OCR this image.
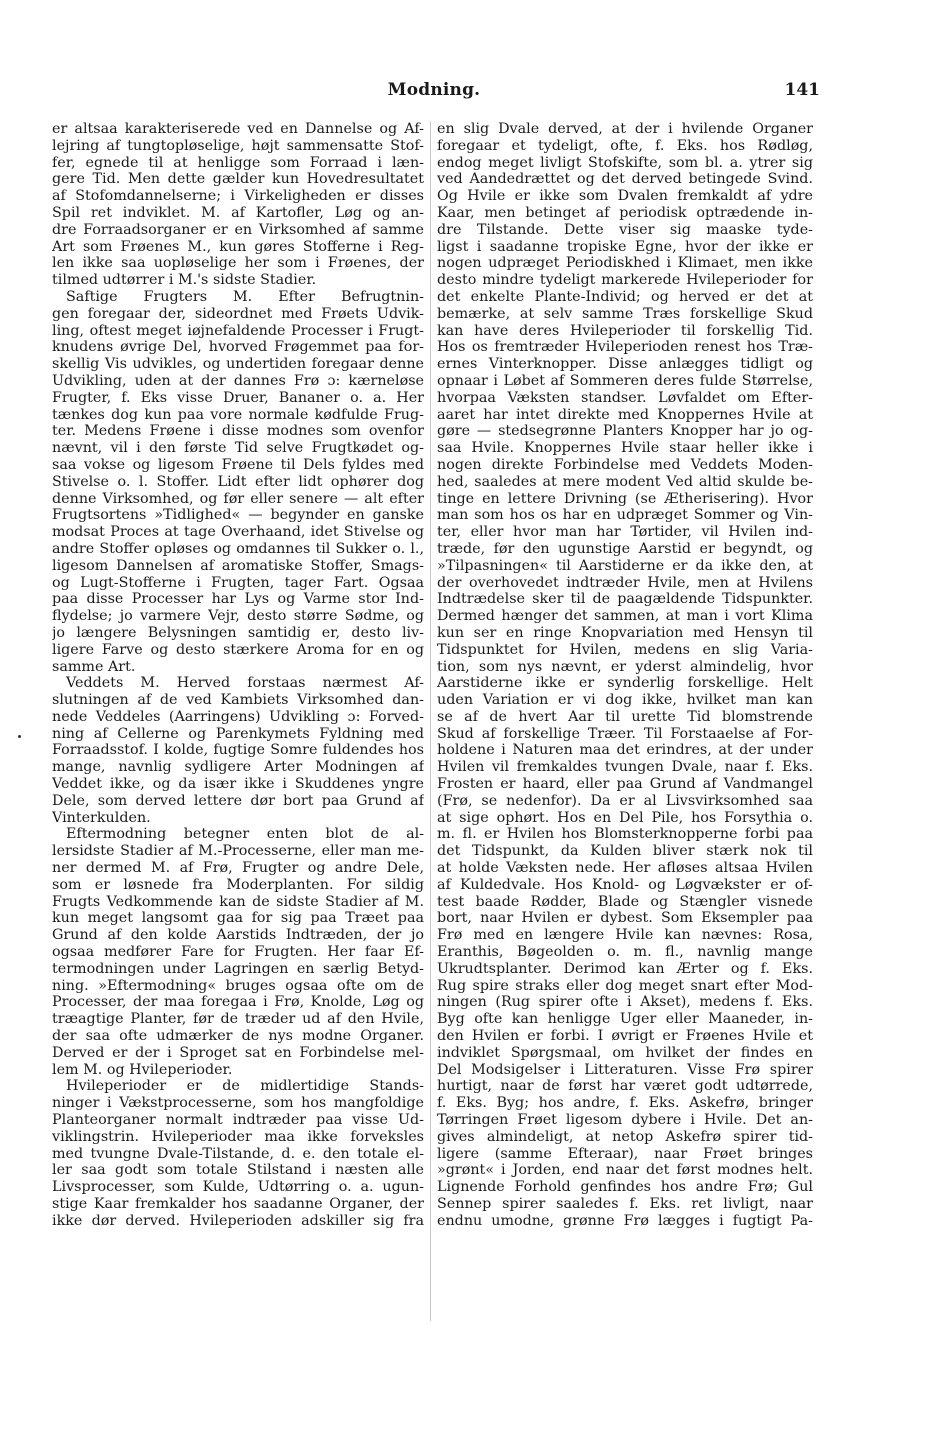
Modning.	141
er altsaa karakteriserede ved en Dannelse og Af-
lejring af tungtopløselige, højt sammensatte Stof-
fer, egnede til at henligge som Forraad i læn-
gere Tid. Men dette gælder kun Hovedresultatet
af Stofomdannelserne; i Virkeligheden er disses
Spil ret indviklet. M. af Kartofler, Løg og an-
dre Forraadsorganer er en Virksomhed af samme
Art som Frøenes M., kun gøres Stofferne i Reg-
len ikke saa uopløselige her som i Frøenes, der
tilmed udtørrer i M.'s sidste Stadier.
Saftige Frugters M. Efter Befrugtnin-
gen foregaar der, sideordnet med Frøets Udvik-
ling, oftest meget iøjnefaldende Processer i Frugt-
knudens øvrige Del, hvorved Frøgemmet paa for-
skellig Vis udvikles, og undertiden foregaar denne
Udvikling, uden at der dannes Frø ɔ: kærneløse
Frugter, f. Eks visse Druer, Bananer o. a. Her
tænkes dog kun paa vore normale kødfulde Frug-
ter. Medens Frøene i disse modnes som ovenfor
nævnt, vil i den første Tid selve Frugtkødet og-
saa vokse og ligesom Frøene til Dels fyldes med
Stivelse o. l. Stoffer. Lidt efter lidt ophører dog
denne Virksomhed, og før eller senere — alt efter
Frugtsortens »Tidlighed« — begynder en ganske
modsat Proces at tage Overhaand, idet Stivelse og
andre Stoffer opløses og omdannes til Sukker o. l.,
ligesom Dannelsen af aromatiske Stoffer, Smags-
og Lugt-Stofferne i Frugten, tager Fart. Ogsaa
paa disse Processer har Lys og Varme stor Ind-
flydelse; jo varmere Vejr, desto større Sødme, og
jo længere Belysningen samtidig er, desto liv-
ligere Farve og desto stærkere Aroma for en og
samme Art.
Veddets M. Herved forstaas nærmest Af-
slutningen af de ved Kambiets Virksomhed dan-
nede Veddeles (Aarringens) Udvikling ɔ: Forved-
ning af Cellerne og Parenkymets Fyldning med
Forraadsstof. I kolde, fugtige Somre fuldendes hos
mange, navnlig sydligere Arter Modningen af
Veddet ikke, og da især ikke i Skuddenes yngre
Dele, som derved lettere dør bort paa Grund af
Vinterkulden.
Eftermodning betegner enten blot de al-
lersidste Stadier af M.-Processerne, eller man me-
ner dermed M. af Frø, Frugter og andre Dele,
som er løsnede fra Moderplanten. For sildig
Frugts Vedkommende kan de sidste Stadier af M.
kun meget langsomt gaa for sig paa Træet paa
Grund af den kolde Aarstids Indtræden, der jo
ogsaa medfører Fare for Frugten. Her faar Ef-
termodningen under Lagringen en særlig Betyd-
ning. »Eftermodning« bruges ogsaa ofte om de
Processer, der maa foregaa i Frø, Knolde, Løg og
træagtige Planter, før de træder ud af den Hvile,
der saa ofte udmærker de nys modne Organer.
Derved er der i Sproget sat en Forbindelse mel-
lem M. og Hvileperioder.
Hvileperioder er de midlertidige Stands-
ninger i Vækstprocesserne, som hos mangfoldige
Planteorganer normalt indtræder paa visse Ud-
viklingstrin. Hvileperioder maa ikke forveksles
med tvungne Dvale-Tilstande, d. e. den totale el-
ler saa godt som totale Stilstand i næsten alle
Livsprocesser, som Kulde, Udtørring o. a. ugun-
stige Kaar fremkalder hos saadanne Organer, der
ikke dør derved. Hvileperioden adskiller sig fra
en slig Dvale derved, at der i hvilende Organer
foregaar et tydeligt, ofte, f. Eks. hos Rødløg,
endog meget livligt Stofskifte, som bl. a. ytrer sig
ved Aandedrættet og det derved betingede Svind.
Og Hvile er ikke som Dvalen fremkaldt af ydre
Kaar, men betinget af periodisk optrædende in-
dre Tilstande. Dette viser sig maaske tyde-
ligst i saadanne tropiske Egne, hvor der ikke er
nogen udpræget Periodiskhed i Klimaet, men ikke
desto mindre tydeligt markerede Hvileperioder for
det enkelte Plante-Individ; og herved er det at
bemærke, at selv samme Træs forskellige Skud
kan have deres Hvileperioder til forskellig Tid.
Hos os fremtræder Hvileperioden renest hos Træ-
ernes Vinterknopper. Disse anlægges tidligt og
opnaar i Løbet af Sommeren deres fulde Størrelse,
hvorpaa Væksten standser. Løvfaldet om Efter-
aaret har intet direkte med Knoppernes Hvile at
gøre — stedsegrønne Planters Knopper har jo og-
saa Hvile. Knoppernes Hvile staar heller ikke i
nogen direkte Forbindelse med Veddets Moden-
hed, saaledes at mere modent Ved altid skulde be-
tinge en lettere Drivning (se Ætherisering). Hvor
man som hos os har en udpræget Sommer og Vin-
ter, eller hvor man har Tørtider, vil Hvilen ind-
træde, før den ugunstige Aarstid er begyndt, og
»Tilpasningen« til Aarstiderne er da ikke den, at
der overhovedet indtræder Hvile, men at Hvilens
Indtrædelse sker til de paagældende Tidspunkter.
Dermed hænger det sammen, at man i vort Klima
kun ser en ringe Knopvariation med Hensyn til
Tidspunktet for Hvilen, medens en slig Varia-
tion, som nys nævnt, er yderst almindelig, hvor
Aarstiderne ikke er synderlig forskellige. Helt
uden Variation er vi dog ikke, hvilket man kan
se af de hvert Aar til urette Tid blomstrende
Skud af forskellige Træer. Til Forstaaelse af For-
holdene i Naturen maa det erindres, at der under
Hvilen vil fremkaldes tvungen Dvale, naar f. Eks.
Frosten er haard, eller paa Grund af Vandmangel
(Frø, se nedenfor). Da er al Livsvirksomhed saa
at sige ophørt. Hos en Del Pile, hos Forsythia o.
m. fl. er Hvilen hos Blomsterknopperne forbi paa
det Tidspunkt, da Kulden bliver stærk nok til
at holde Væksten nede. Her afløses altsaa Hvilen
af Kuldedvale. Hos Knold- og Løgvækster er of-
test baade Rødder, Blade og Stængler visnede
bort, naar Hvilen er dybest. Som Eksempler paa
Frø med en længere Hvile kan nævnes: Rosa,
Eranthis, Bøgeolden o. m. fl., navnlig mange
Ukrudtsplanter. Derimod kan Ærter og f. Eks.
Rug spire straks eller dog meget snart efter Mod-
ningen (Rug spirer ofte i Akset), medens f. Eks.
Byg ofte kan henligge Uger eller Maaneder, in-
den Hvilen er forbi. I øvrigt er Frøenes Hvile et
indviklet Spørgsmaal, om hvilket der findes en
Del Modsigelser i Litteraturen. Visse Frø spirer
hurtigt, naar de først har været godt udtørrede,
f. Eks. Byg; hos andre, f. Eks. Askefrø, bringer
Tørringen Frøet ligesom dybere i Hvile. Det an-
gives almindeligt, at netop Askefrø spirer tid-
ligere (samme Efteraar), naar Frøet bringes
»grønt« i Jorden, end naar det først modnes helt.
Lignende Forhold genfindes hos andre Frø; Gul
Sennep spirer saaledes f. Eks. ret livligt, naar
endnu umodne, grønne Frø lægges i fugtigt Pa-
